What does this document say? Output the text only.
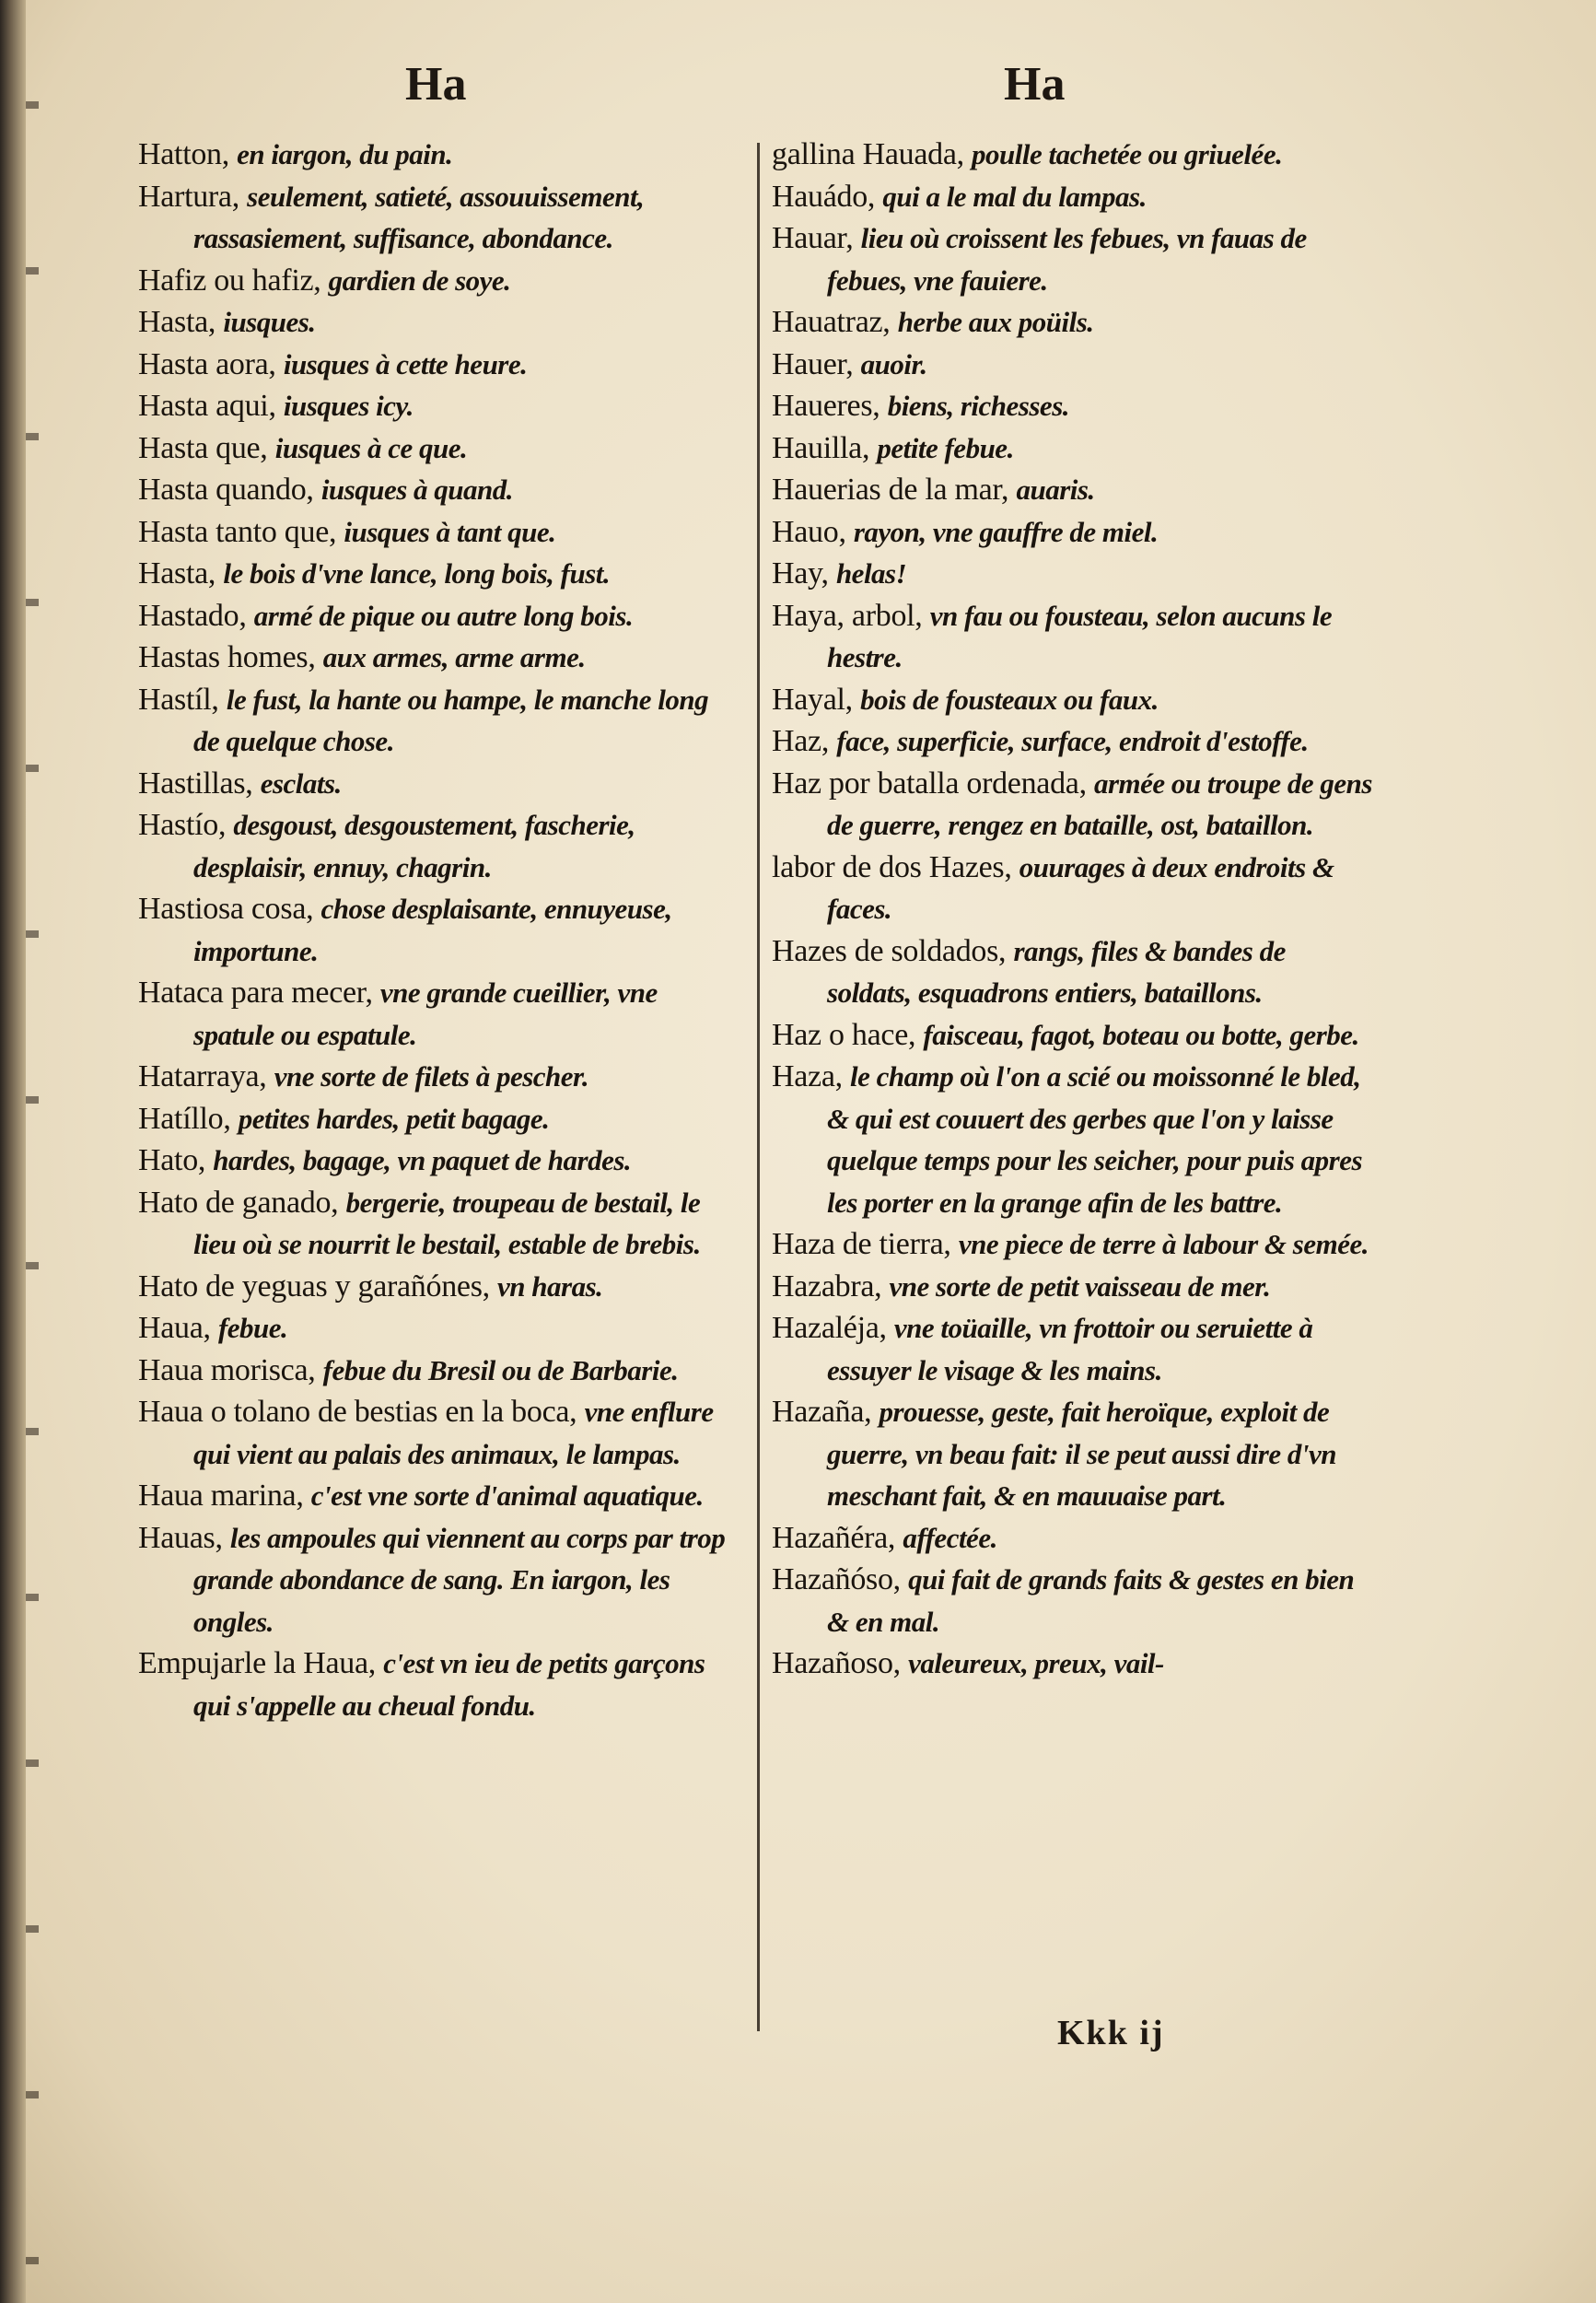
Ha	Ha

Hatton, en iargon, du pain.

Hartura, seulement, satieté, assouuissement, rassasiement, suffisance, abondance.

Hafiz ou hafiz, gardien de soye.

Hasta, iusques.

Hasta aora, iusques à cette heure.

Hasta aqui, iusques icy.

Hasta que, iusques à ce que.

Hasta quando, iusques à quand.

Hasta tanto que, iusques à tant que.

Hasta, le bois d'vne lance, long bois, fust.

Hastado, armé de pique ou autre long bois.

Hastas homes, aux armes, arme arme.

Hastíl, le fust, la hante ou hampe, le manche long de quelque chose.

Hastillas, esclats.

Hastío, desgoust, desgoustement, fascherie, desplaisir, ennuy, chagrin.

Hastiosa cosa, chose desplaisante, ennuyeuse, importune.

Hataca para mecer, vne grande cueillier, vne spatule ou espatule.

Hatarraya, vne sorte de filets à pescher.

Hatíllo, petites hardes, petit bagage.

Hato, hardes, bagage, vn paquet de hardes.

Hato de ganado, bergerie, troupeau de bestail, le lieu où se nourrit le bestail, estable de brebis.

Hato de yeguas y garañónes, vn haras.

Haua, febue.

Haua morisca, febue du Bresil ou de Barbarie.

Haua o tolano de bestias en la boca, vne enflure qui vient au palais des animaux, le lampas.

Haua marina, c'est vne sorte d'animal aquatique.

Hauas, les ampoules qui viennent au corps par trop grande abondance de sang. En iargon, les ongles.

Empujarle la Haua, c'est vn ieu de petits garçons qui s'appelle au cheual fondu.

gallina Hauada, poulle tachetée ou griuelée.

Hauádo, qui a le mal du lampas.

Hauar, lieu où croissent les febues, vn fauas de febues, vne fauiere.

Hauatraz, herbe aux poüils.

Hauer, auoir.

Haueres, biens, richesses.

Hauilla, petite febue.

Hauerias de la mar, auaris.

Hauo, rayon, vne gauffre de miel.

Hay, helas!

Haya, arbol, vn fau ou fousteau, selon aucuns le hestre.

Hayal, bois de fousteaux ou faux.

Haz, face, superficie, surface, endroit d'estoffe.

Haz por batalla ordenada, armée ou troupe de gens de guerre, rengez en bataille, ost, bataillon.

labor de dos Hazes, ouurages à deux endroits & faces.

Hazes de soldados, rangs, files & bandes de soldats, esquadrons entiers, bataillons.

Haz o hace, faisceau, fagot, boteau ou botte, gerbe.

Haza, le champ où l'on a scié ou moissonné le bled, & qui est couuert des gerbes que l'on y laisse quelque temps pour les seicher, pour puis apres les porter en la grange afin de les battre.

Haza de tierra, vne piece de terre à labour & semée.

Hazabra, vne sorte de petit vaisseau de mer.

Hazaléja, vne toüaille, vn frottoir ou seruiette à essuyer le visage & les mains.

Hazaña, prouesse, geste, fait heroïque, exploit de guerre, vn beau fait: il se peut aussi dire d'vn meschant fait, & en mauuaise part.

Hazañéra, affectée.

Hazañóso, qui fait de grands faits & gestes en bien & en mal.

Hazañoso, valeureux, preux, vail-

Kkk ij
